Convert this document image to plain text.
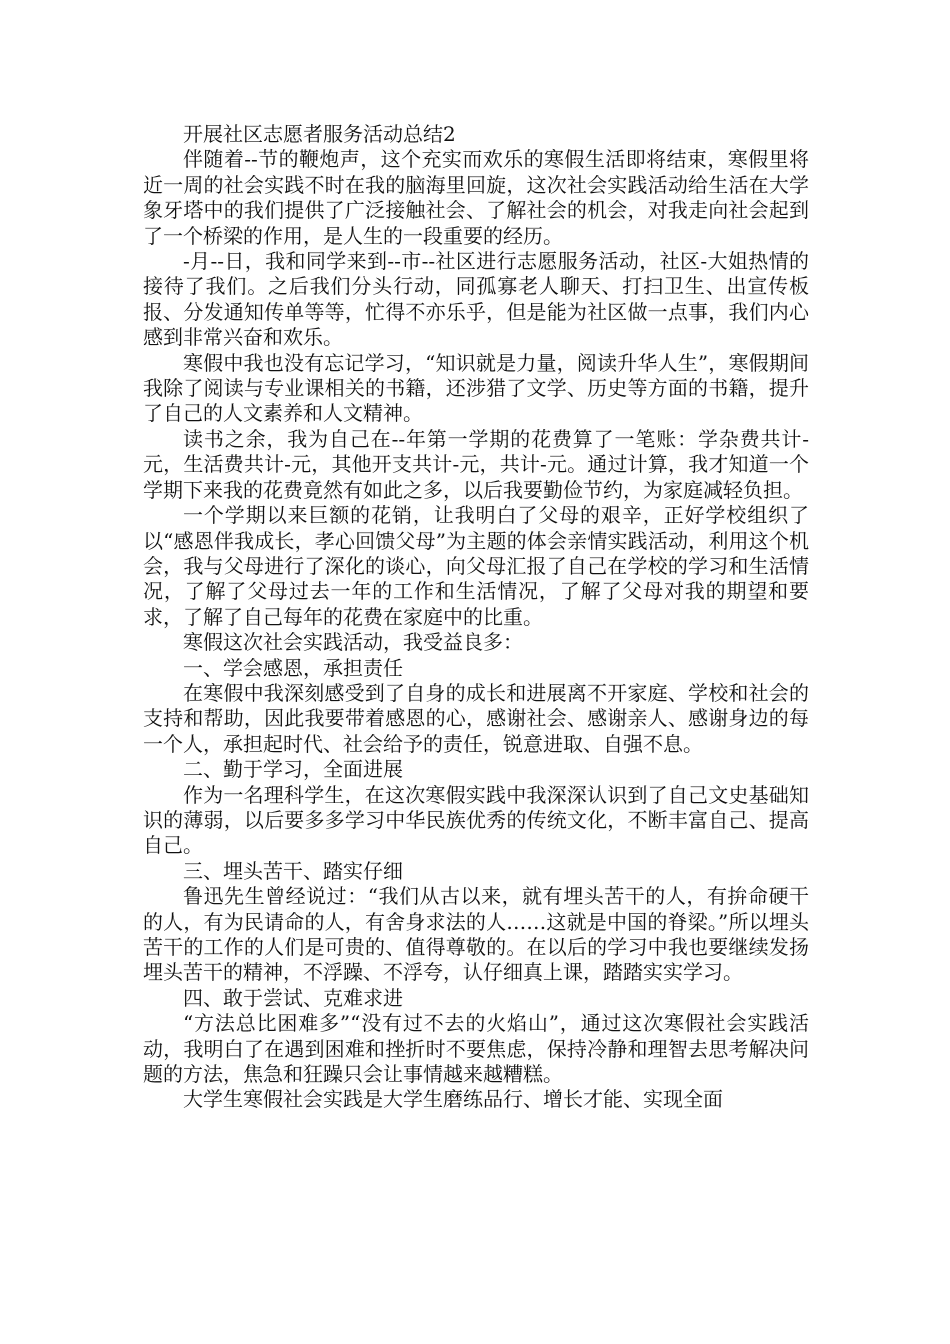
开展社区志愿者服务活动总结2

伴随着--节的鞭炮声，这个充实而欢乐的寒假生活即将结束，寒假里将近一周的社会实践不时在我的脑海里回旋，这次社会实践活动给生活在大学象牙塔中的我们提供了广泛接触社会、了解社会的机会，对我走向社会起到了一个桥梁的作用，是人生的一段重要的经历。

-月--日，我和同学来到--市--社区进行志愿服务活动，社区-大姐热情的接待了我们。之后我们分头行动，同孤寡老人聊天、打扫卫生、出宣传板报、分发通知传单等等，忙得不亦乐乎，但是能为社区做一点事，我们内心感到非常兴奋和欢乐。

寒假中我也没有忘记学习，“知识就是力量，阅读升华人生”，寒假期间我除了阅读与专业课相关的书籍，还涉猎了文学、历史等方面的书籍，提升了自己的人文素养和人文精神。

读书之余，我为自己在--年第一学期的花费算了一笔账：学杂费共计-元，生活费共计-元，其他开支共计-元，共计-元。通过计算，我才知道一个学期下来我的花费竟然有如此之多，以后我要勤俭节约，为家庭减轻负担。

一个学期以来巨额的花销，让我明白了父母的艰辛，正好学校组织了以“感恩伴我成长，孝心回馈父母”为主题的体会亲情实践活动，利用这个机会，我与父母进行了深化的谈心，向父母汇报了自己在学校的学习和生活情况，了解了父母过去一年的工作和生活情况，了解了父母对我的期望和要求，了解了自己每年的花费在家庭中的比重。

寒假这次社会实践活动，我受益良多：

一、学会感恩，承担责任

在寒假中我深刻感受到了自身的成长和进展离不开家庭、学校和社会的支持和帮助，因此我要带着感恩的心，感谢社会、感谢亲人、感谢身边的每一个人，承担起时代、社会给予的责任，锐意进取、自强不息。

二、勤于学习，全面进展

作为一名理科学生，在这次寒假实践中我深深认识到了自己文史基础知识的薄弱，以后要多多学习中华民族优秀的传统文化，不断丰富自己、提高自己。

三、埋头苦干、踏实仔细

鲁迅先生曾经说过：“我们从古以来，就有埋头苦干的人，有拚命硬干的人，有为民请命的人，有舍身求法的人……这就是中国的脊梁。”所以埋头苦干的工作的人们是可贵的、值得尊敬的。在以后的学习中我也要继续发扬埋头苦干的精神，不浮躁、不浮夸，认仔细真上课，踏踏实实学习。

四、敢于尝试、克难求进

“方法总比困难多”“没有过不去的火焰山”，通过这次寒假社会实践活动，我明白了在遇到困难和挫折时不要焦虑，保持冷静和理智去思考解决问题的方法，焦急和狂躁只会让事情越来越糟糕。

大学生寒假社会实践是大学生磨练品行、增长才能、实现全面
